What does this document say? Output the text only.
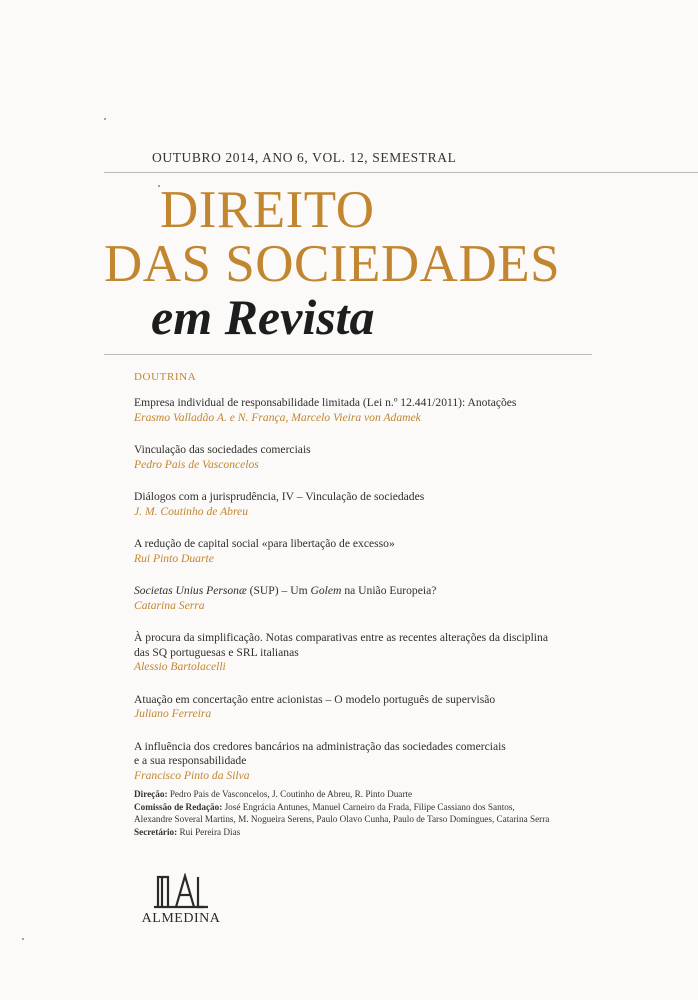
OUTUBRO 2014, ANO 6, VOL. 12, SEMESTRAL
DIREITO
DAS SOCIEDADES
em Revista
DOUTRINA
Empresa individual de responsabilidade limitada (Lei n.º 12.441/2011): Anotações
Erasmo Valladão A. e N. França, Marcelo Vieira von Adamek
Vinculação das sociedades comerciais
Pedro Pais de Vasconcelos
Diálogos com a jurisprudência, IV – Vinculação de sociedades
J. M. Coutinho de Abreu
A redução de capital social «para libertação de excesso»
Rui Pinto Duarte
Societas Unius Personæ (SUP) – Um Golem na União Europeia?
Catarina Serra
À procura da simplificação. Notas comparativas entre as recentes alterações da disciplina
das SQ portuguesas e SRL italianas
Alessio Bartolacelli
Atuação em concertação entre acionistas – O modelo português de supervisão
Juliano Ferreira
A influência dos credores bancários na administração das sociedades comerciais
e a sua responsabilidade
Francisco Pinto da Silva
Direção: Pedro Pais de Vasconcelos, J. Coutinho de Abreu, R. Pinto Duarte
Comissão de Redação: José Engrácia Antunes, Manuel Carneiro da Frada, Filipe Cassiano dos Santos,
Alexandre Soveral Martins, M. Nogueira Serens, Paulo Olavo Cunha, Paulo de Tarso Domingues, Catarina Serra
Secretário: Rui Pereira Dias
ALMEDINA
